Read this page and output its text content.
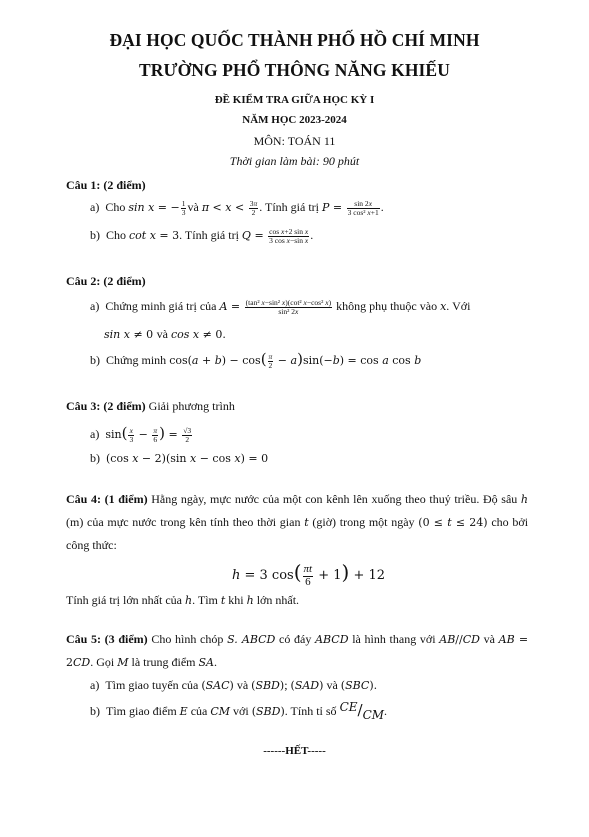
ĐẠI HỌC QUỐC THÀNH PHỐ HỒ CHÍ MINH
TRƯỜNG PHỔ THÔNG NĂNG KHIẾU
ĐỀ KIỂM TRA GIỮA HỌC KỲ I
NĂM HỌC 2023-2024
MÔN: TOÁN 11
Thời gian làm bài: 90 phút
Câu 1: (2 điểm)
a)  Cho sin x = − $\frac{1}{3}$ và $\pi < x < \frac{3\pi}{2}$ . Tính giá trị $P = \frac{\sin 2x}{\text{3 cos² x+1}}$ .
b)  Cho cot x = 3. Tính giá trị $Q = \frac{\text{cos x+2 sin x}}{\text{3 cos x−sin x}}$ .
Câu 2: (2 điểm)
a)  Chứng minh giá trị của $A = \frac{\text{(tan² x−sin² x)(cot² x−cos² x)}}{\text{sin² 2x}}$ không phụ thuộc vào x. Với
sin x ≠ 0 và cos x ≠ 0.
b)  Chứng minh $\cos(a + b) - \cos( \frac{\pi}{2} - a)\sin(-b) = \cos a$ cos b
Câu 3: (2 điểm) Giải phương trình
a)  $\sin( \frac{x}{3} - \frac{\pi}{6}$ ) = $\frac{√3}{2}$
b)  (cos x − 2)(sin x − cos x) = 0
Câu 4: (1 điểm) Hằng ngày, mực nước của một con kênh lên xuống theo thuỷ triều. Độ sâu h (m) của mực nước trong kên tính theo thời gian t (giờ) trong một ngày (0 ≤ t ≤ 24) cho bởi công thức:
h = 3 $\cos( \frac{\pi t}{6} + 1) + 12$
Tính giá trị lớn nhất của h. Tìm t khi h lớn nhất.
Câu 5: (3 điểm) Cho hình chóp S. ABCD có đáy ABCD là hình thang với AB//CD và AB = 2CD. Gọi M là trung điểm SA.
a)  Tìm giao tuyến của (SAC) và (SBD); (SAD) và (SBC).
b)  Tìm giao điểm E của CM với (SBD). Tính tỉ số CE/CM.
------HẾT-----
